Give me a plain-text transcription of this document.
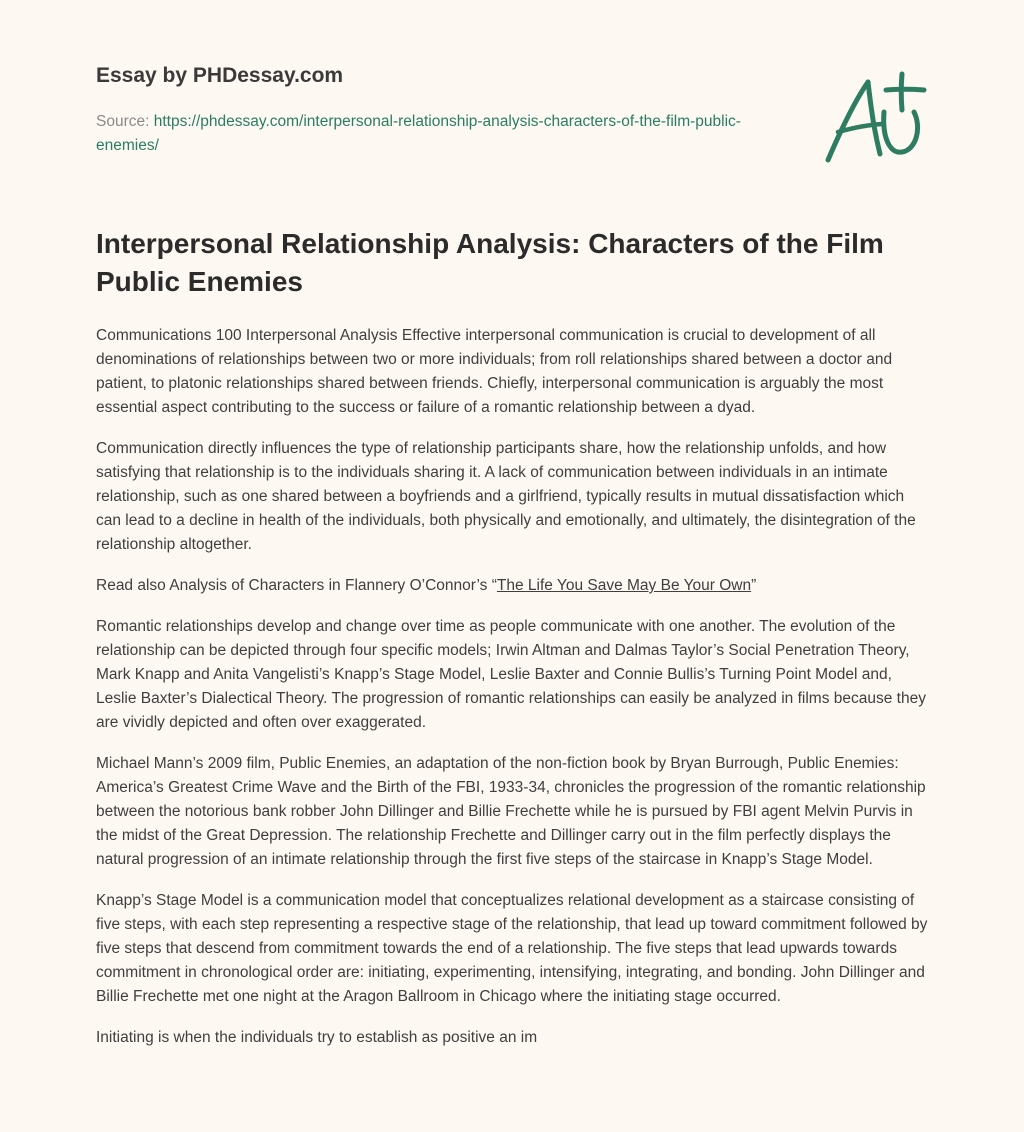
Essay by PHDessay.com
Source: https://phdessay.com/interpersonal-relationship-analysis-characters-of-the-film-public-enemies/
Interpersonal Relationship Analysis: Characters of the Film Public Enemies

Communications 100 Interpersonal Analysis Effective interpersonal communication is crucial to development of all denominations of relationships between two or more individuals; from roll relationships shared between a doctor and patient, to platonic relationships shared between friends. Chiefly, interpersonal communication is arguably the most essential aspect contributing to the success or failure of a romantic relationship between a dyad.

Communication directly influences the type of relationship participants share, how the relationship unfolds, and how satisfying that relationship is to the individuals sharing it. A lack of communication between individuals in an intimate relationship, such as one shared between a boyfriends and a girlfriend, typically results in mutual dissatisfaction which can lead to a decline in health of the individuals, both physically and emotionally, and ultimately, the disintegration of the relationship altogether.

Read also Analysis of Characters in Flannery O’Connor’s “The Life You Save May Be Your Own”

Romantic relationships develop and change over time as people communicate with one another. The evolution of the relationship can be depicted through four specific models; Irwin Altman and Dalmas Taylor’s Social Penetration Theory, Mark Knapp and Anita Vangelisti’s Knapp’s Stage Model, Leslie Baxter and Connie Bullis’s Turning Point Model and, Leslie Baxter’s Dialectical Theory. The progression of romantic relationships can easily be analyzed in films because they are vividly depicted and often over exaggerated.

Michael Mann’s 2009 film, Public Enemies, an adaptation of the non-fiction book by Bryan Burrough, Public Enemies: America’s Greatest Crime Wave and the Birth of the FBI, 1933-34, chronicles the progression of the romantic relationship between the notorious bank robber John Dillinger and Billie Frechette while he is pursued by FBI agent Melvin Purvis in the midst of the Great Depression. The relationship Frechette and Dillinger carry out in the film perfectly displays the natural progression of an intimate relationship through the first five steps of the staircase in Knapp’s Stage Model.

Knapp’s Stage Model is a communication model that conceptualizes relational development as a staircase consisting of five steps, with each step representing a respective stage of the relationship, that lead up toward commitment followed by five steps that descend from commitment towards the end of a relationship. The five steps that lead upwards towards commitment in chronological order are: initiating, experimenting, intensifying, integrating, and bonding. John Dillinger and Billie Frechette met one night at the Aragon Ballroom in Chicago where the initiating stage occurred.

Initiating is when the individuals try to establish as positive an im
